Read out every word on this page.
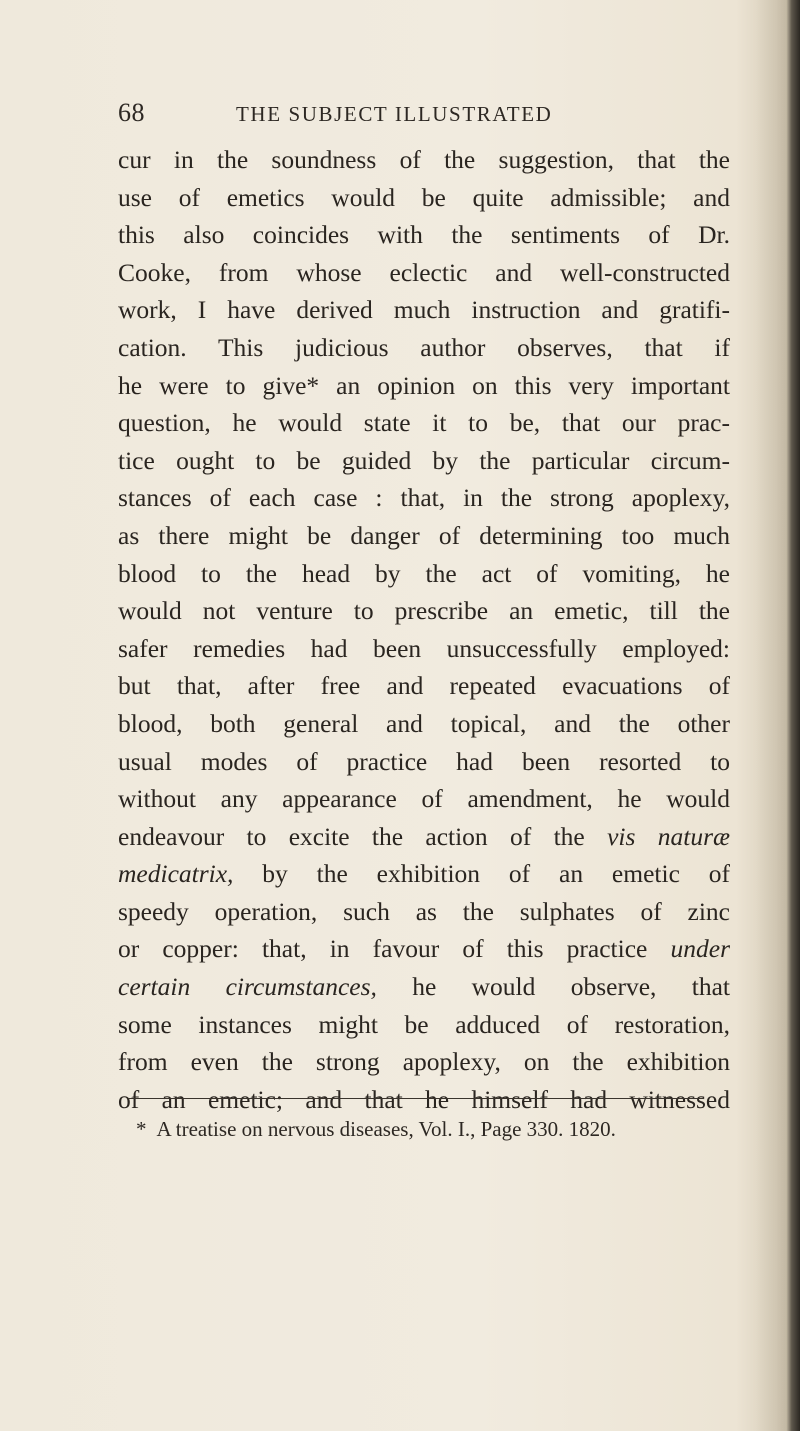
68	THE SUBJECT ILLUSTRATED
cur in the soundness of the suggestion, that the
use of emetics would be quite admissible; and
this also coincides with the sentiments of Dr.
Cooke, from whose eclectic and well-constructed
work, I have derived much instruction and gratifi-
cation. This judicious author observes, that if
he were to give* an opinion on this very important
question, he would state it to be, that our prac-
tice ought to be guided by the particular circum-
stances of each case : that, in the strong apoplexy,
as there might be danger of determining too much
blood to the head by the act of vomiting, he
would not venture to prescribe an emetic, till the
safer remedies had been unsuccessfully employed:
but that, after free and repeated evacuations of
blood, both general and topical, and the other
usual modes of practice had been resorted to
without any appearance of amendment, he would
endeavour to excite the action of the vis naturæ
medicatrix, by the exhibition of an emetic of
speedy operation, such as the sulphates of zinc
or copper: that, in favour of this practice under
certain circumstances, he would observe, that
some instances might be adduced of restoration,
from even the strong apoplexy, on the exhibition
of an emetic; and that he himself had witnessed
* A treatise on nervous diseases, Vol. I., Page 330. 1820.
